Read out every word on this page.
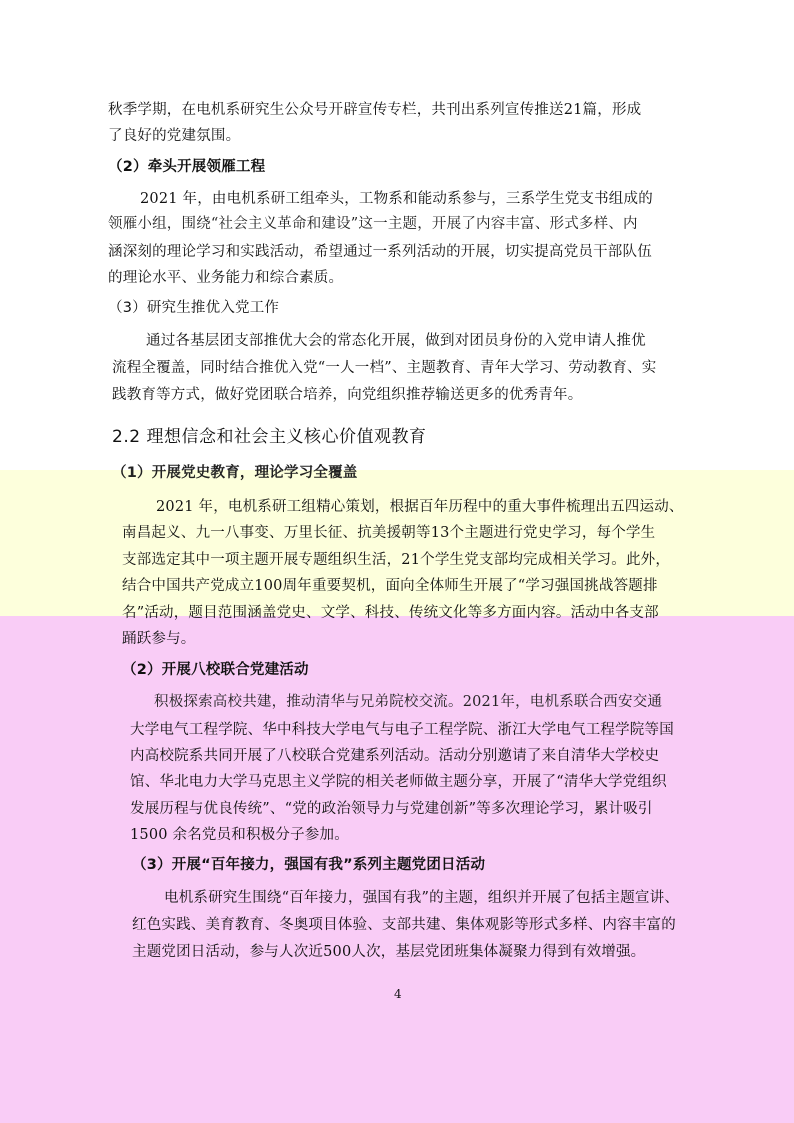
秋季学期，在电机系研究生公众号开辟宣传专栏，共刊出系列宣传推送21篇，形成
了良好的党建氛围。
（2）牵头开展领雁工程
2021 年，由电机系研工组牵头，工物系和能动系参与，三系学生党支书组成的
领雁小组，围绕“社会主义革命和建设”这一主题，开展了内容丰富、形式多样、内
涵深刻的理论学习和实践活动，希望通过一系列活动的开展，切实提高党员干部队伍
的理论水平、业务能力和综合素质。
（3）研究生推优入党工作
通过各基层团支部推优大会的常态化开展，做到对团员身份的入党申请人推优
流程全覆盖，同时结合推优入党“一人一档”、主题教育、青年大学习、劳动教育、实
践教育等方式，做好党团联合培养，向党组织推荐输送更多的优秀青年。
2.2 理想信念和社会主义核心价值观教育
（1）开展党史教育，理论学习全覆盖
2021 年，电机系研工组精心策划，根据百年历程中的重大事件梳理出五四运动、
南昌起义、九一八事变、万里长征、抗美援朝等13个主题进行党史学习，每个学生
支部选定其中一项主题开展专题组织生活，21个学生党支部均完成相关学习。此外，
结合中国共产党成立100周年重要契机，面向全体师生开展了“学习强国挑战答题排
名”活动，题目范围涵盖党史、文学、科技、传统文化等多方面内容。活动中各支部
踊跃参与。
（2）开展八校联合党建活动
积极探索高校共建，推动清华与兄弟院校交流。2021年，电机系联合西安交通
大学电气工程学院、华中科技大学电气与电子工程学院、浙江大学电气工程学院等国
内高校院系共同开展了八校联合党建系列活动。活动分别邀请了来自清华大学校史
馆、华北电力大学马克思主义学院的相关老师做主题分享，开展了“清华大学党组织
发展历程与优良传统”、“党的政治领导力与党建创新”等多次理论学习，累计吸引
1500 余名党员和积极分子参加。
（3）开展“百年接力，强国有我”系列主题党团日活动
电机系研究生围绕“百年接力，强国有我”的主题，组织并开展了包括主题宣讲、
红色实践、美育教育、冬奥项目体验、支部共建、集体观影等形式多样、内容丰富的
主题党团日活动，参与人次近500人次，基层党团班集体凝聚力得到有效增强。
4
